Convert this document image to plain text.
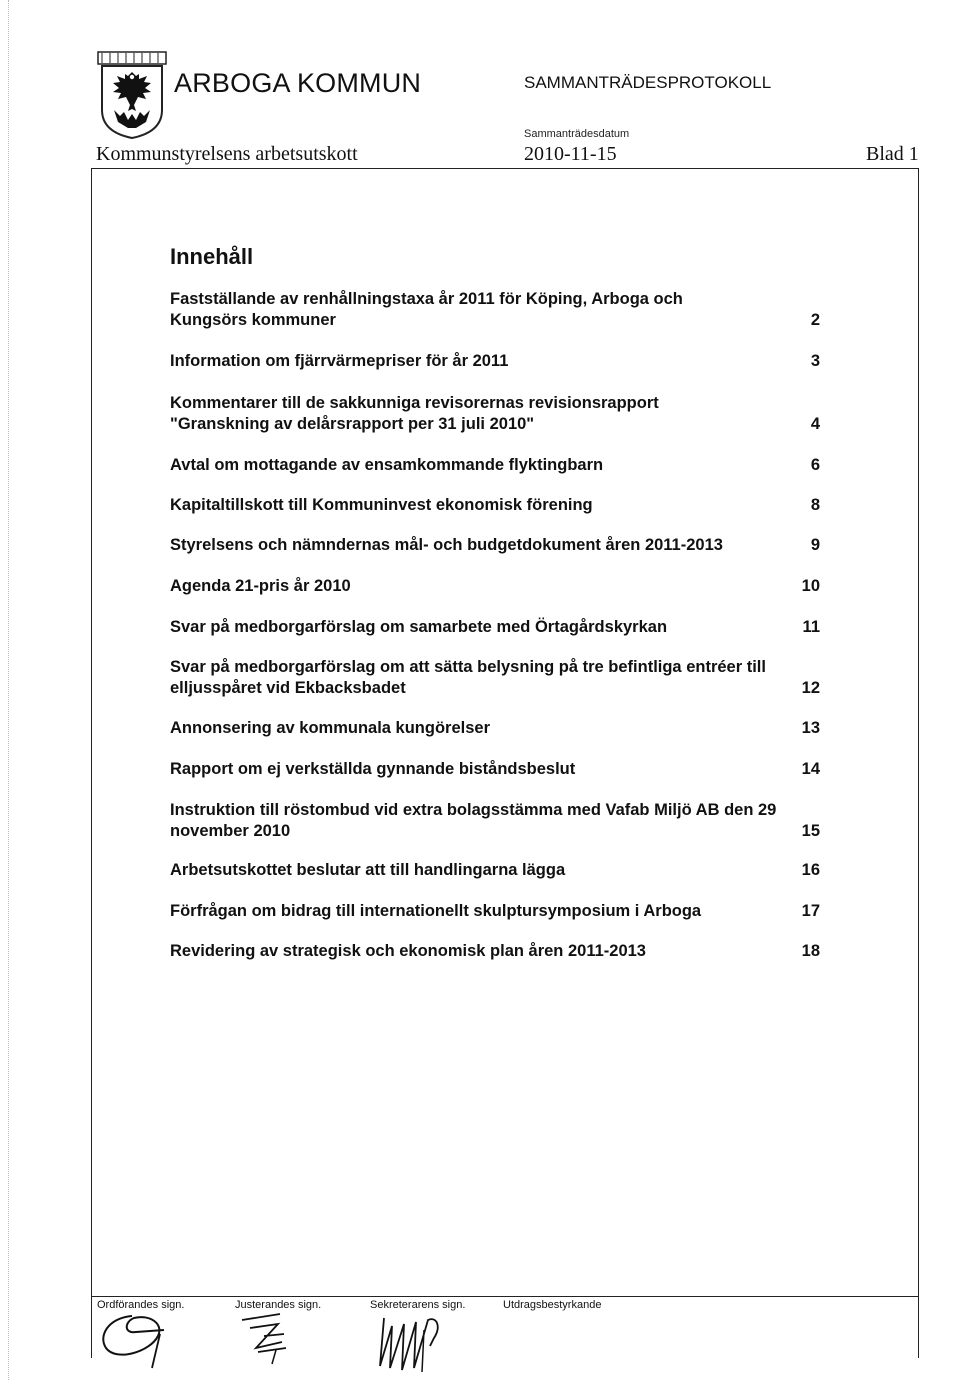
ARBOGA KOMMUN	SAMMANTRÄDESPROTOKOLL
Sammanträdesdatum
Kommunstyrelsens arbetsutskott	2010-11-15	Blad 1
Innehåll
Fastställande av renhållningstaxa år 2011 för Köping, Arboga och Kungsörs kommuner	2
Information om fjärrvärmepriser för år 2011	3
Kommentarer till de sakkunniga revisorernas revisionsrapport "Granskning av delårsrapport per 31 juli 2010"	4
Avtal om mottagande av ensamkommande flyktingbarn	6
Kapitaltillskott till Kommuninvest ekonomisk förening	8
Styrelsens och nämndernas mål- och budgetdokument åren 2011-2013	9
Agenda 21-pris år 2010	10
Svar på medborgarförslag om samarbete med Örtagårdskyrkan	11
Svar på medborgarförslag om att sätta belysning på tre befintliga entréer till elljusspåret vid Ekbacksbadet	12
Annonsering av kommunala kungörelser	13
Rapport om ej verkställda gynnande biståndsbeslut	14
Instruktion till röstombud vid extra bolagsstämma med Vafab Miljö AB den 29 november 2010	15
Arbetsutskottet beslutar att till handlingarna lägga	16
Förfrågan om bidrag till internationellt skulptursymposium i Arboga	17
Revidering av strategisk och ekonomisk plan åren 2011-2013	18
Ordförandes sign.	Justerandes sign.	Sekreterarens sign.	Utdragsbestyrkande
